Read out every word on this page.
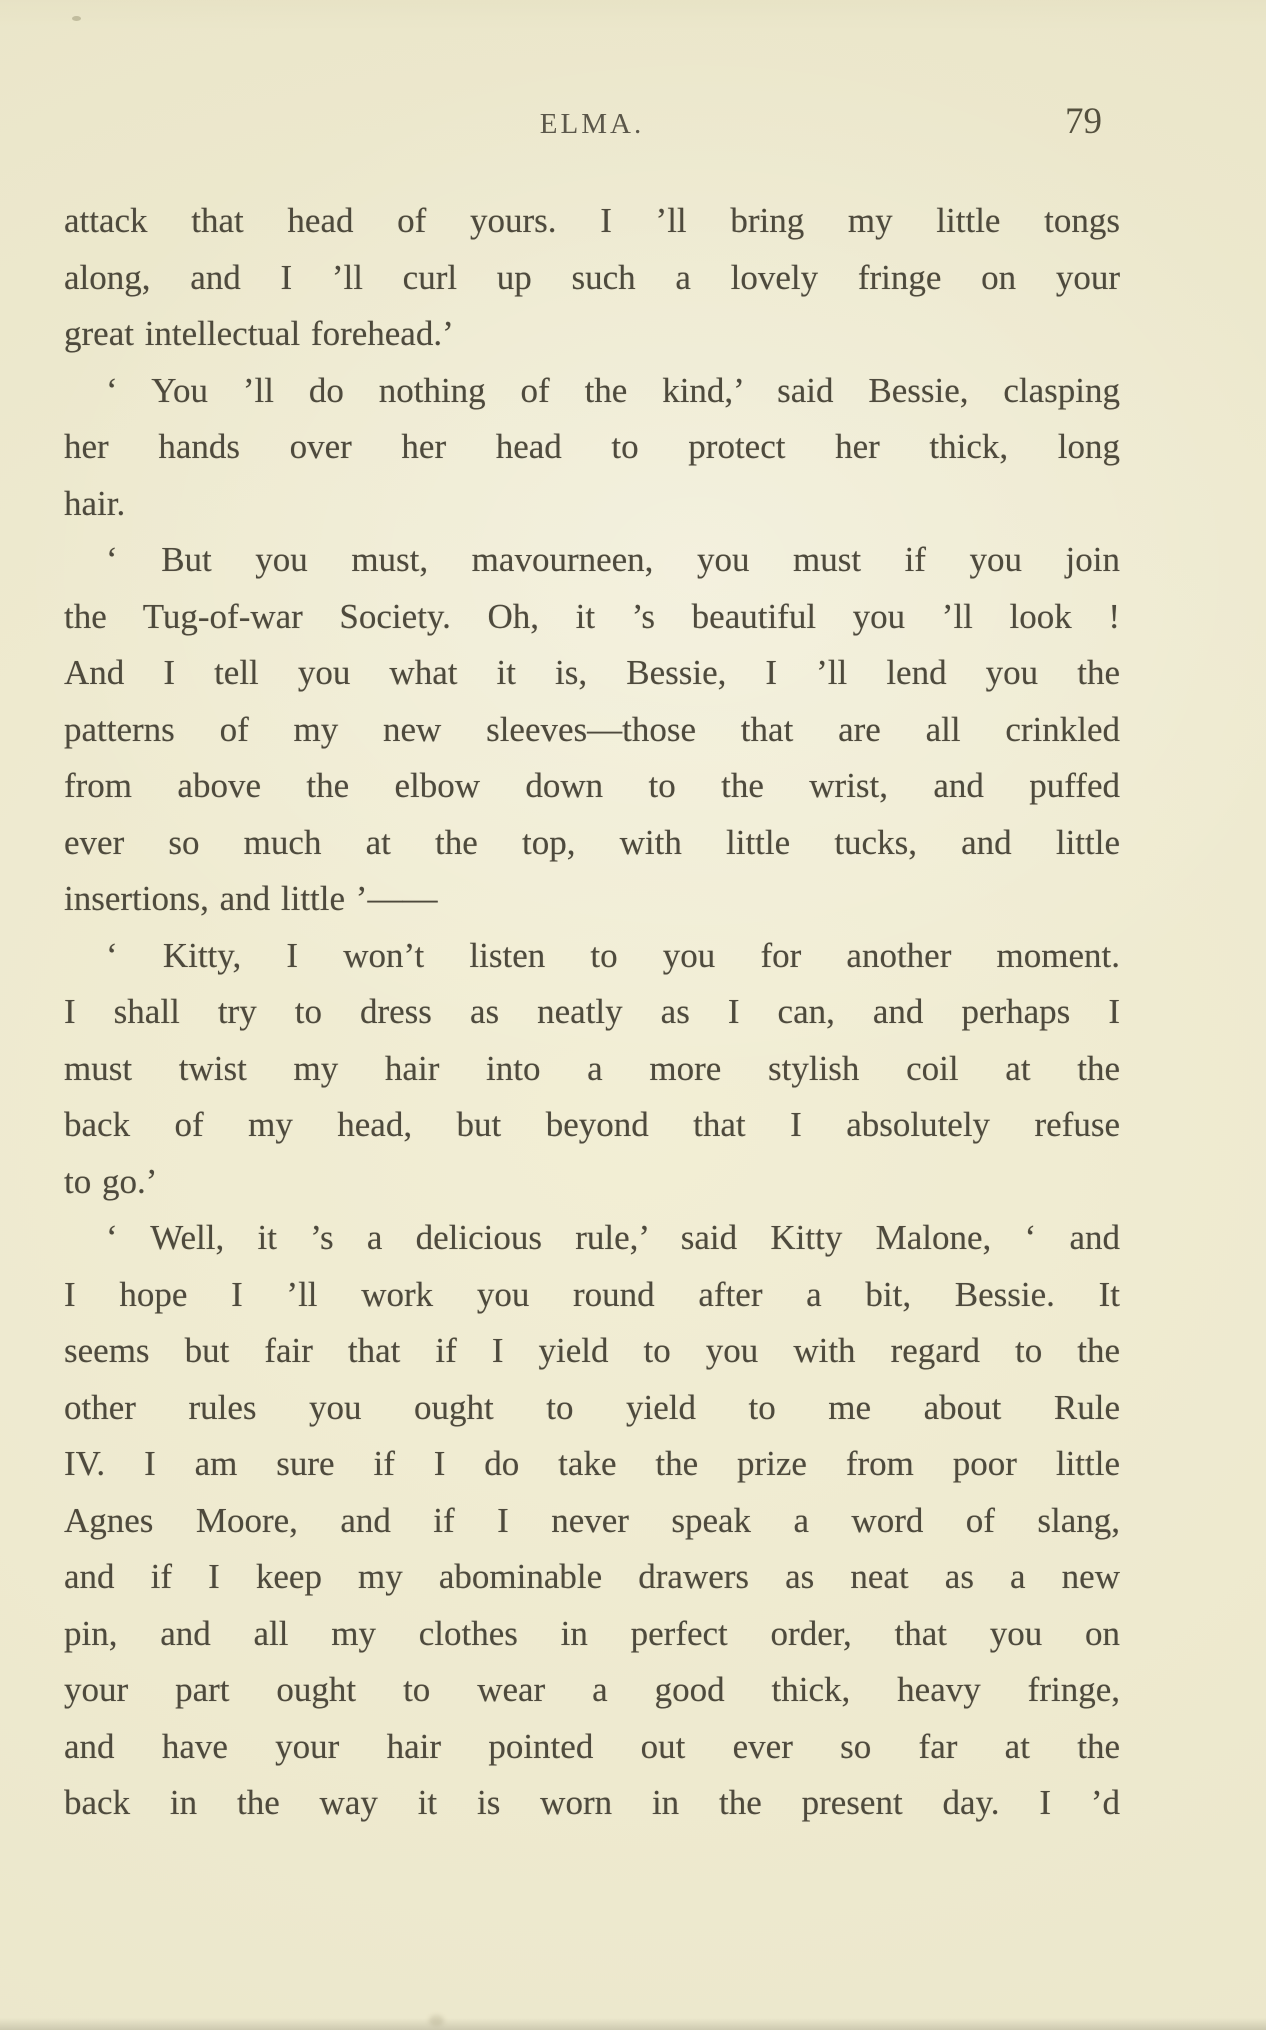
ELMA.	79
attack that head of yours. I ’ll bring my little tongs
along, and I ’ll curl up such a lovely fringe on your
great intellectual forehead.’
‘ You ’ll do nothing of the kind,’ said Bessie, clasping
her hands over her head to protect her thick, long
hair.
‘ But you must, mavourneen, you must if you join
the Tug-of-war Society. Oh, it ’s beautiful you ’ll look !
And I tell you what it is, Bessie, I ’ll lend you the
patterns of my new sleeves—those that are all crinkled
from above the elbow down to the wrist, and puffed
ever so much at the top, with little tucks, and little
insertions, and little ’——
‘ Kitty, I won’t listen to you for another moment.
I shall try to dress as neatly as I can, and perhaps I
must twist my hair into a more stylish coil at the
back of my head, but beyond that I absolutely refuse
to go.’
‘ Well, it ’s a delicious rule,’ said Kitty Malone, ‘ and
I hope I ’ll work you round after a bit, Bessie. It
seems but fair that if I yield to you with regard to the
other rules you ought to yield to me about Rule
IV. I am sure if I do take the prize from poor little
Agnes Moore, and if I never speak a word of slang,
and if I keep my abominable drawers as neat as a new
pin, and all my clothes in perfect order, that you on
your part ought to wear a good thick, heavy fringe,
and have your hair pointed out ever so far at the
back in the way it is worn in the present day. I ’d
